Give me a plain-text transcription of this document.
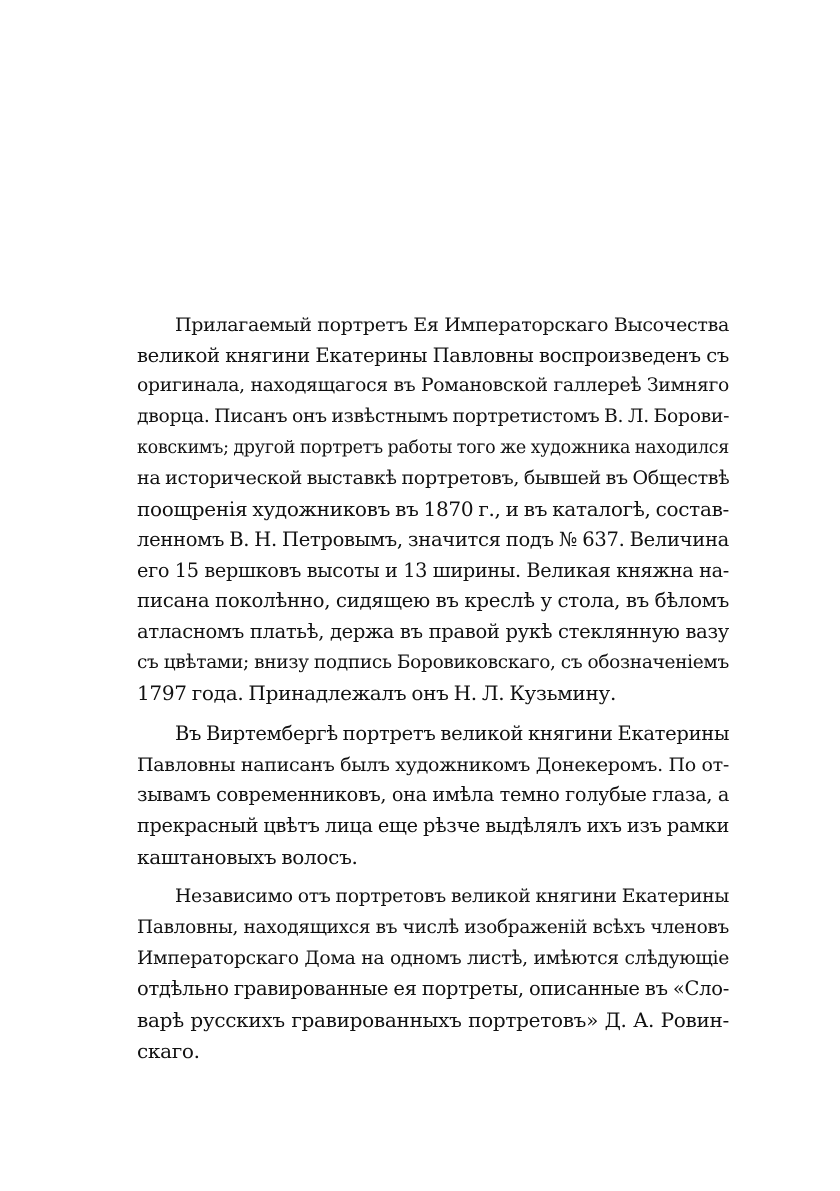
Прилагаемый портретъ Ея Императорскаго Высочества
великой княгини Екатерины Павловны воспроизведенъ съ
оригинала, находящагося въ Романовской галлереѣ Зимняго
дворца. Писанъ онъ извѣстнымъ портретистомъ В. Л. Борови-
ковскимъ; другой портретъ работы того же художника находился
на исторической выставкѣ портретовъ, бывшей въ Обществѣ
поощренія художниковъ въ 1870 г., и въ каталогѣ, состав-
ленномъ В. Н. Петровымъ, значится подъ № 637. Величина
его 15 вершковъ высоты и 13 ширины. Великая княжна на-
писана поколѣнно, сидящею въ креслѣ у стола, въ бѣломъ
атласномъ платьѣ, держа въ правой рукѣ стеклянную вазу
съ цвѣтами; внизу подпись Боровиковскаго, съ обозначеніемъ
1797 года. Принадлежалъ онъ Н. Л. Кузьмину.

Въ Виртембергѣ портретъ великой княгини Екатерины
Павловны написанъ былъ художникомъ Донекеромъ. По от-
зывамъ современниковъ, она имѣла темно голубые глаза, а
прекрасный цвѣтъ лица еще рѣзче выдѣлялъ ихъ изъ рамки
каштановыхъ волосъ.

Независимо отъ портретовъ великой княгини Екатерины
Павловны, находящихся въ числѣ изображеній всѣхъ членовъ
Императорскаго Дома на одномъ листѣ, имѣются слѣдующіе
отдѣльно гравированные ея портреты, описанные въ «Сло-
варѣ русскихъ гравированныхъ портретовъ» Д. А. Ровин-
скаго.
